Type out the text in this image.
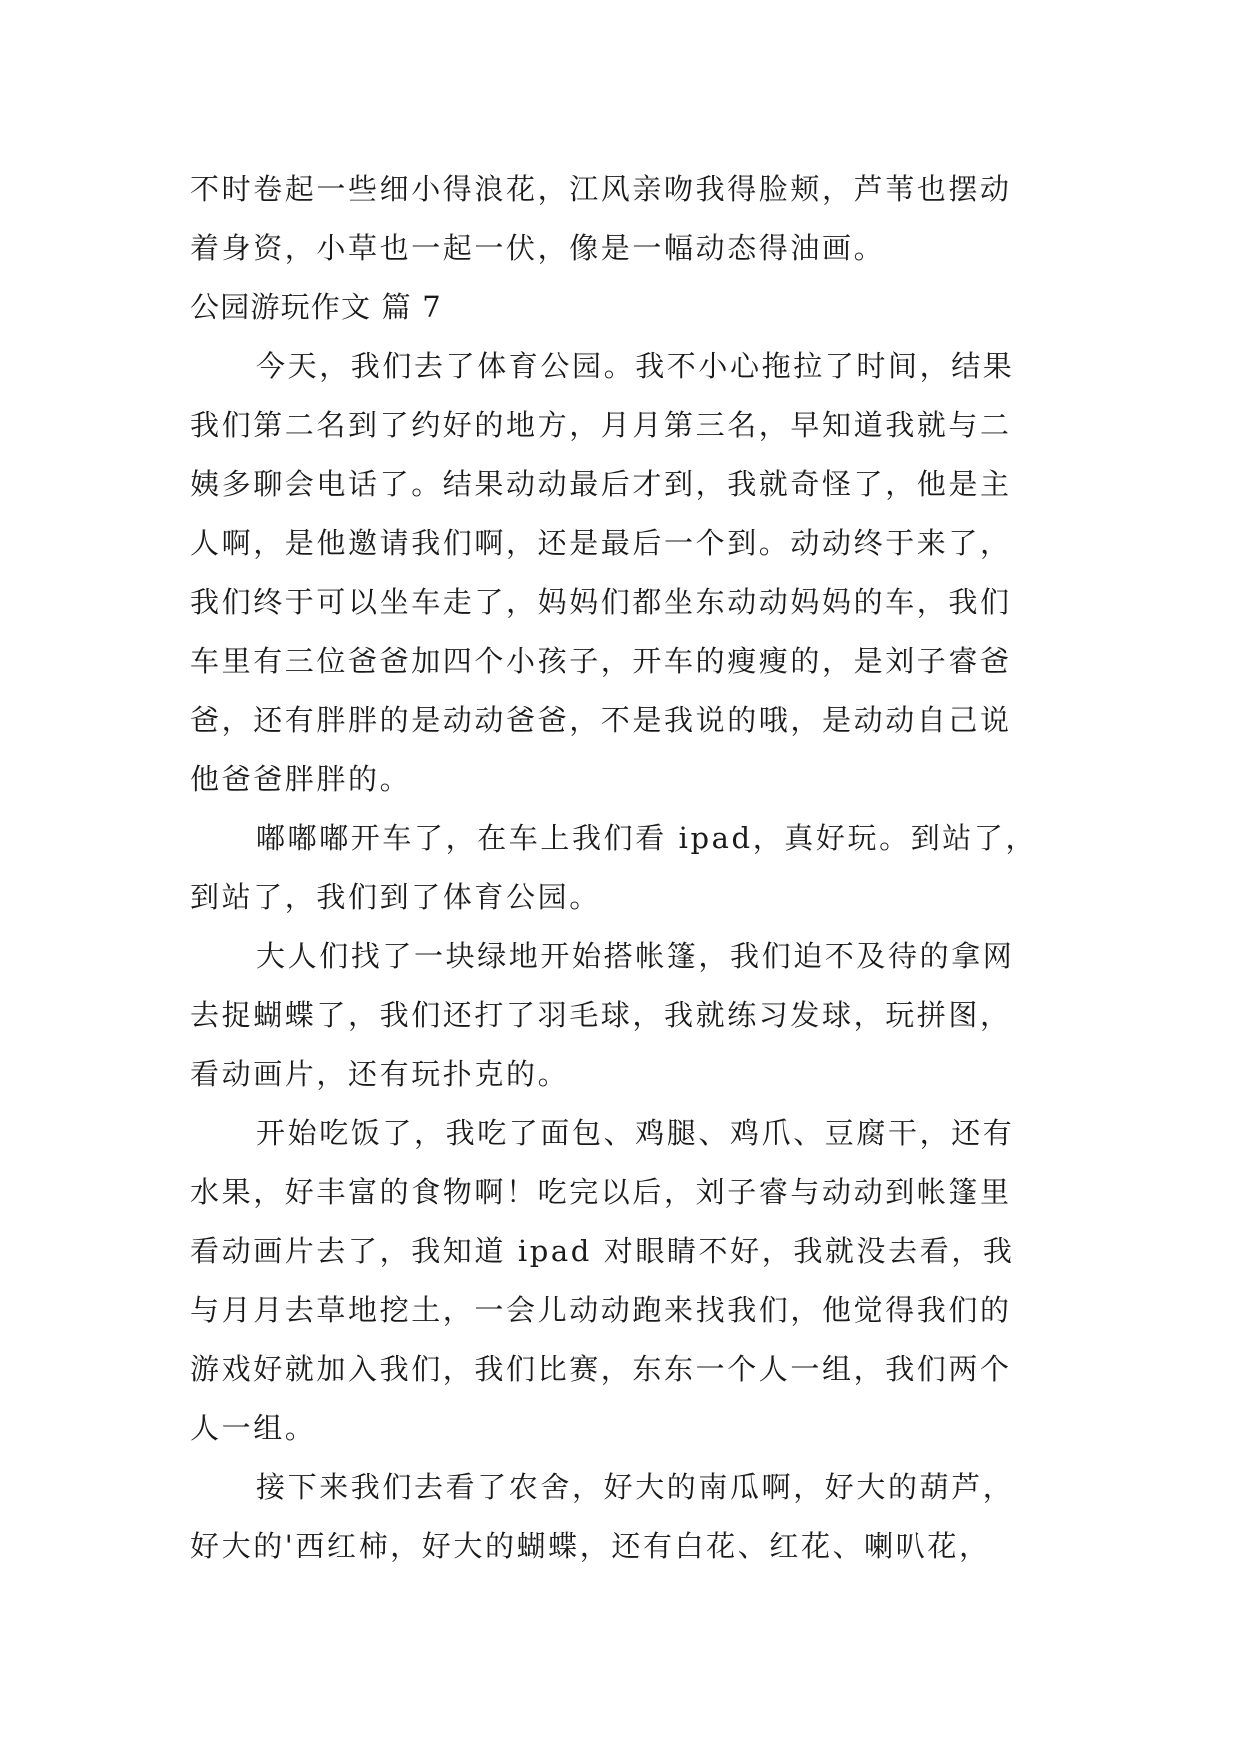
不时卷起一些细小得浪花，江风亲吻我得脸颊，芦苇也摆动

着身资，小草也一起一伏，像是一幅动态得油画。

公园游玩作文 篇 7

今天，我们去了体育公园。我不小心拖拉了时间，结果

我们第二名到了约好的地方，月月第三名，早知道我就与二

姨多聊会电话了。结果动动最后才到，我就奇怪了，他是主

人啊，是他邀请我们啊，还是最后一个到。动动终于来了，

我们终于可以坐车走了，妈妈们都坐东动动妈妈的车，我们

车里有三位爸爸加四个小孩子，开车的瘦瘦的，是刘子睿爸

爸，还有胖胖的是动动爸爸，不是我说的哦，是动动自己说

他爸爸胖胖的。

嘟嘟嘟开车了，在车上我们看 ipad，真好玩。到站了，

到站了，我们到了体育公园。

大人们找了一块绿地开始搭帐篷，我们迫不及待的拿网

去捉蝴蝶了，我们还打了羽毛球，我就练习发球，玩拼图，

看动画片，还有玩扑克的。

开始吃饭了，我吃了面包、鸡腿、鸡爪、豆腐干，还有

水果，好丰富的食物啊！吃完以后，刘子睿与动动到帐篷里

看动画片去了，我知道 ipad 对眼睛不好，我就没去看，我

与月月去草地挖土，一会儿动动跑来找我们，他觉得我们的

游戏好就加入我们，我们比赛，东东一个人一组，我们两个

人一组。

接下来我们去看了农舍，好大的南瓜啊，好大的葫芦，

好大的'西红柿，好大的蝴蝶，还有白花、红花、喇叭花，
